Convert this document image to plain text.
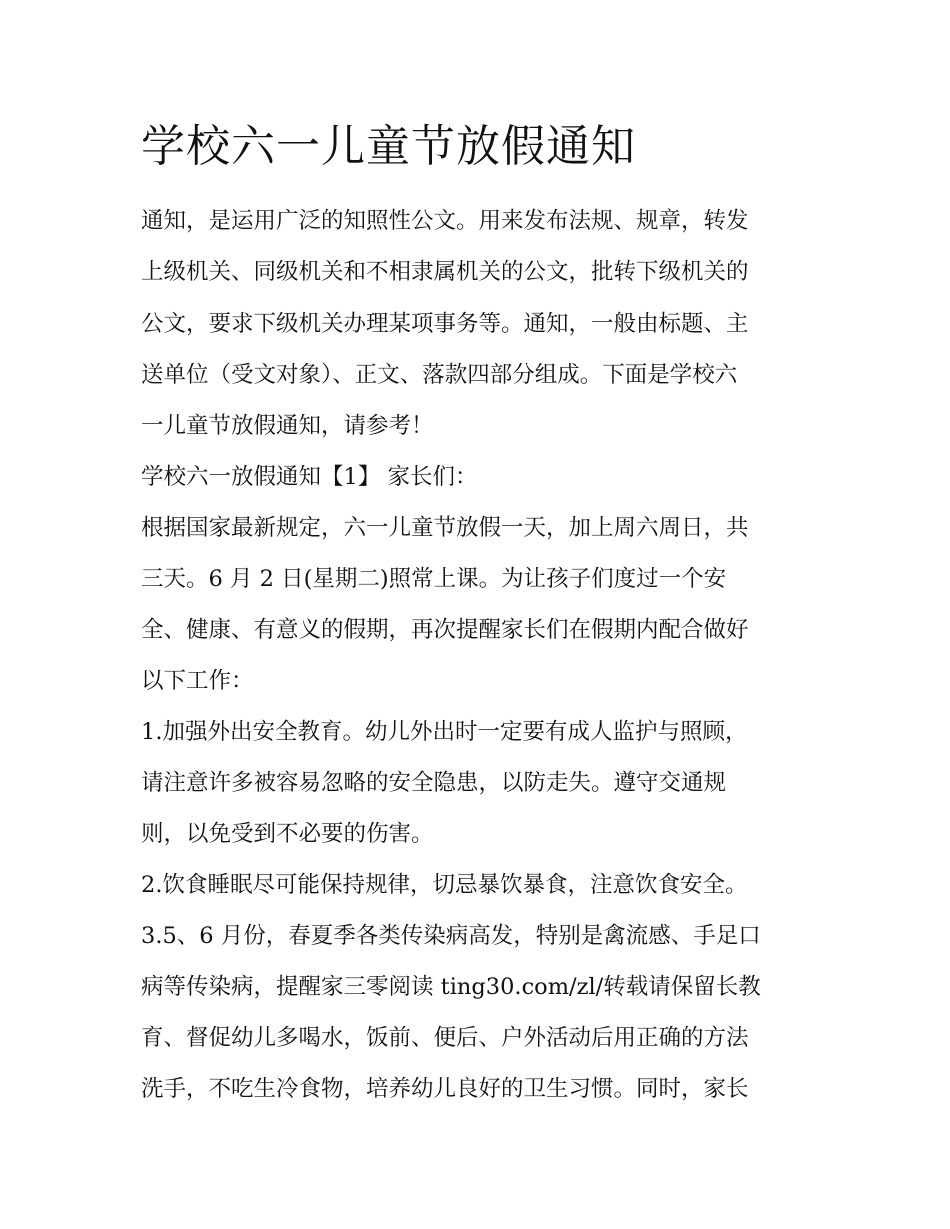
学校六一儿童节放假通知

通知，是运用广泛的知照性公文。用来发布法规、规章，转发

上级机关、同级机关和不相隶属机关的公文，批转下级机关的

公文，要求下级机关办理某项事务等。通知，一般由标题、主

送单位（受文对象）、正文、落款四部分组成。下面是学校六

一儿童节放假通知，请参考！

学校六一放假通知【1】 家长们：

根据国家最新规定，六一儿童节放假一天，加上周六周日，共

三天。6 月 2 日(星期二)照常上课。为让孩子们度过一个安

全、健康、有意义的假期，再次提醒家长们在假期内配合做好

以下工作：

1.加强外出安全教育。幼儿外出时一定要有成人监护与照顾，

请注意许多被容易忽略的安全隐患，以防走失。遵守交通规

则，以免受到不必要的伤害。

2.饮食睡眠尽可能保持规律，切忌暴饮暴食，注意饮食安全。

3.5、6 月份，春夏季各类传染病高发，特别是禽流感、手足口

病等传染病，提醒家三零阅读 ting30.com/zl/转载请保留长教

育、督促幼儿多喝水，饭前、便后、户外活动后用正确的方法

洗手，不吃生冷食物，培养幼儿良好的卫生习惯。同时，家长
